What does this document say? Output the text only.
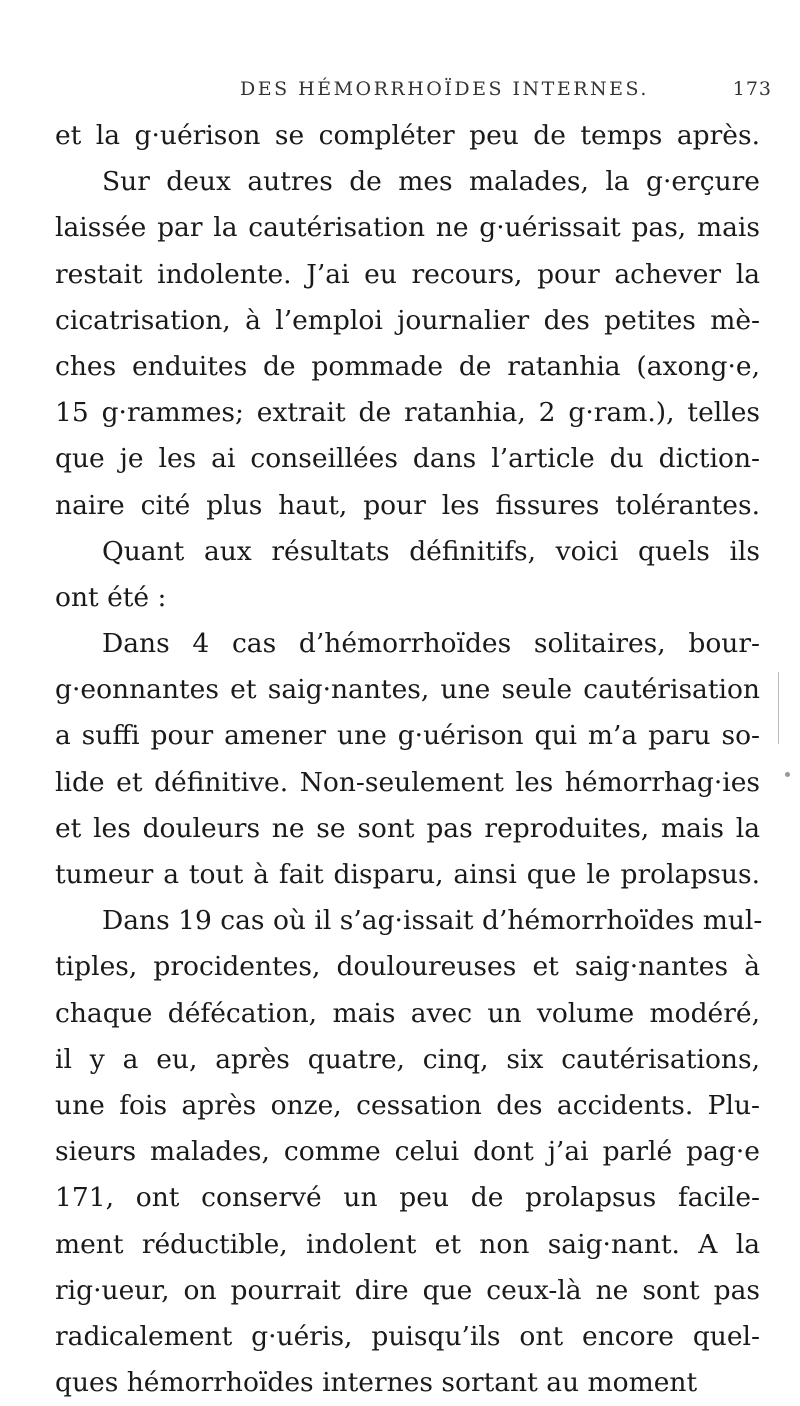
DES HÉMORRHOÏDES INTERNES.	173
et la g·uérison se compléter peu de temps après.
Sur deux autres de mes malades, la g·erçure
laissée par la cautérisation ne g·uérissait pas, mais
restait indolente. J’ai eu recours, pour achever la
cicatrisation, à l’emploi journalier des petites mè-
ches enduites de pommade de ratanhia (axong·e,
15 g·rammes; extrait de ratanhia, 2 g·ram.), telles
que je les ai conseillées dans l’article du diction-
naire cité plus haut, pour les fissures tolérantes.
Quant aux résultats définitifs, voici quels ils
ont été :
Dans 4 cas d’hémorrhoïdes solitaires, bour-
g·eonnantes et saig·nantes, une seule cautérisation
a suffi pour amener une g·uérison qui m’a paru so-
lide et définitive. Non-seulement les hémorrhag·ies
et les douleurs ne se sont pas reproduites, mais la
tumeur a tout à fait disparu, ainsi que le prolapsus.
Dans 19 cas où il s’ag·issait d’hémorrhoïdes mul-
tiples, procidentes, douloureuses et saig·nantes à
chaque défécation, mais avec un volume modéré,
il y a eu, après quatre, cinq, six cautérisations,
une fois après onze, cessation des accidents. Plu-
sieurs malades, comme celui dont j’ai parlé pag·e
171, ont conservé un peu de prolapsus facile-
ment réductible, indolent et non saig·nant. A la
rig·ueur, on pourrait dire que ceux-là ne sont pas
radicalement g·uéris, puisqu’ils ont encore quel-
ques hémorrhoïdes internes sortant au moment
